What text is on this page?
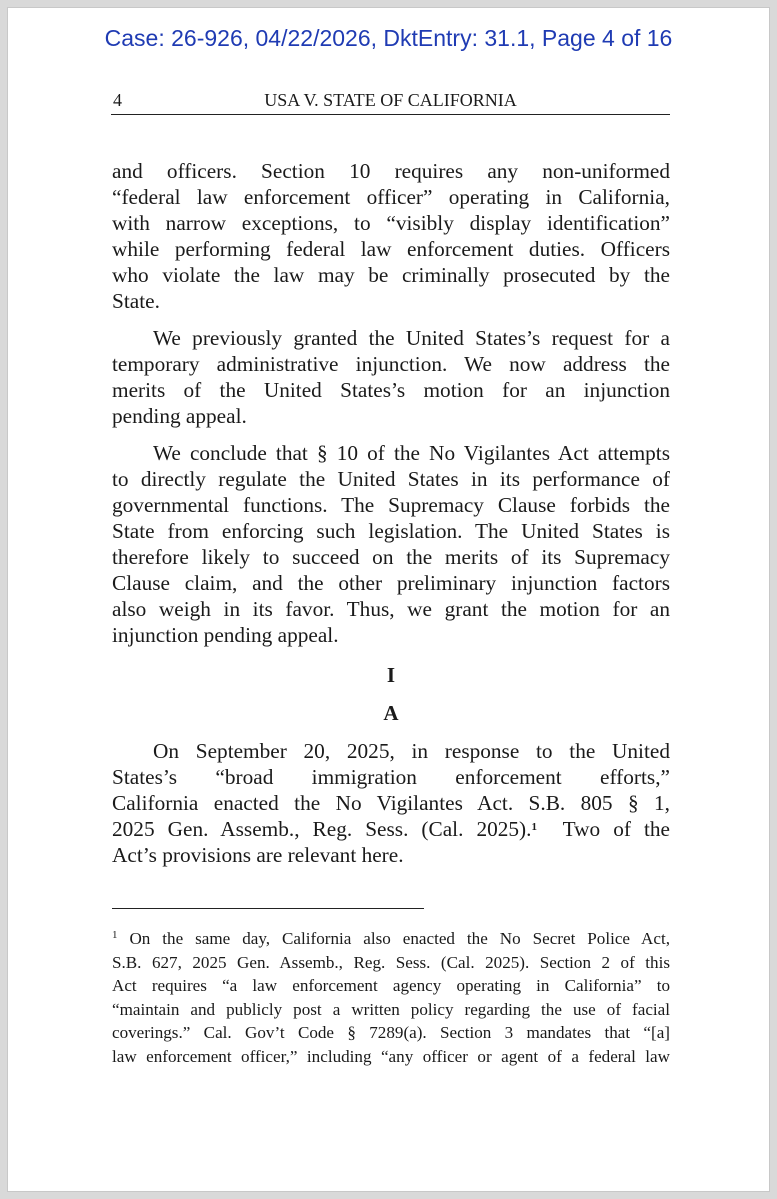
Case: 26-926, 04/22/2026, DktEntry: 31.1, Page 4 of 16
4	USA V. STATE OF CALIFORNIA

and officers. Section 10 requires any non-uniformed
“federal law enforcement officer” operating in California,
with narrow exceptions, to “visibly display identification”
while performing federal law enforcement duties. Officers
who violate the law may be criminally prosecuted by the
State.

We previously granted the United States’s request for a
temporary administrative injunction. We now address the
merits of the United States’s motion for an injunction
pending appeal.

We conclude that § 10 of the No Vigilantes Act attempts
to directly regulate the United States in its performance of
governmental functions. The Supremacy Clause forbids the
State from enforcing such legislation. The United States is
therefore likely to succeed on the merits of its Supremacy
Clause claim, and the other preliminary injunction factors
also weigh in its favor. Thus, we grant the motion for an
injunction pending appeal.

I

A

On September 20, 2025, in response to the United
States’s “broad immigration enforcement efforts,”
California enacted the No Vigilantes Act. S.B. 805 § 1,
2025 Gen. Assemb., Reg. Sess. (Cal. 2025).$^1$  Two of the
Act’s provisions are relevant here.

$^1$ On the same day, California also enacted the No Secret Police Act,
S.B. 627, 2025 Gen. Assemb., Reg. Sess. (Cal. 2025). Section 2 of this
Act requires “a law enforcement agency operating in California” to
“maintain and publicly post a written policy regarding the use of facial
coverings.” Cal. Gov’t Code § 7289(a). Section 3 mandates that “[a]
law enforcement officer,” including “any officer or agent of a federal law
